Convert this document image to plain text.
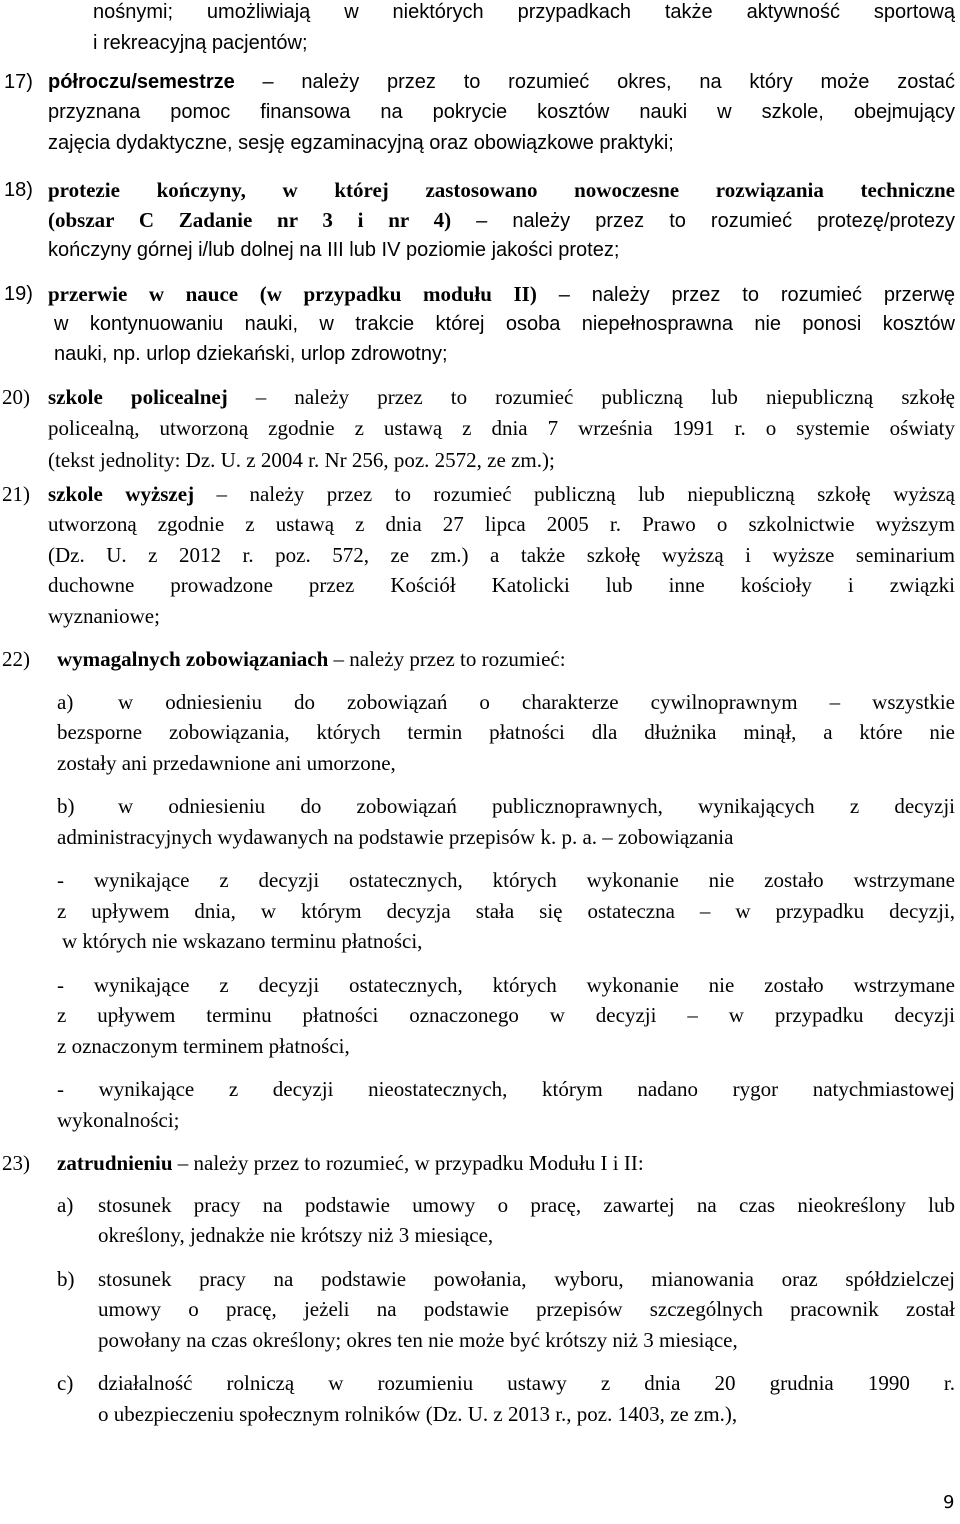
nośnymi; umożliwiają w niektórych przypadkach także aktywność sportową
i rekreacyjną pacjentów;
17) półroczu/semestrze – należy przez to rozumieć okres, na który może zostać
przyznana pomoc finansowa na pokrycie kosztów nauki w szkole, obejmujący
zajęcia dydaktyczne, sesję egzaminacyjną oraz obowiązkowe praktyki;
18) protezie kończyny, w której zastosowano nowoczesne rozwiązania techniczne
(obszar C Zadanie nr 3 i nr 4) – należy przez to rozumieć protezę/protezy
kończyny górnej i/lub dolnej na III lub IV poziomie jakości protez;
19) przerwie w nauce (w przypadku modułu II) – należy przez to rozumieć przerwę
w kontynuowaniu nauki, w trakcie której osoba niepełnosprawna nie ponosi kosztów
nauki, np. urlop dziekański, urlop zdrowotny;
20) szkole policealnej – należy przez to rozumieć publiczną lub niepubliczną szkołę
policealną, utworzoną zgodnie z ustawą z dnia 7 września 1991 r. o systemie oświaty
(tekst jednolity: Dz. U. z 2004 r. Nr 256, poz. 2572, ze zm.);
21) szkole wyższej – należy przez to rozumieć publiczną lub niepubliczną szkołę wyższą
utworzoną zgodnie z ustawą z dnia 27 lipca 2005 r. Prawo o szkolnictwie wyższym
(Dz. U. z 2012 r. poz. 572, ze zm.) a także szkołę wyższą i wyższe seminarium
duchowne prowadzone przez Kościół Katolicki lub inne kościoły i związki
wyznaniowe;
22) wymagalnych zobowiązaniach – należy przez to rozumieć:
a) w odniesieniu do zobowiązań o charakterze cywilnoprawnym – wszystkie
bezsporne zobowiązania, których termin płatności dla dłużnika minął, a które nie
zostały ani przedawnione ani umorzone,
b) w odniesieniu do zobowiązań publicznoprawnych, wynikających z decyzji
administracyjnych wydawanych na podstawie przepisów k. p. a. – zobowiązania
- wynikające z decyzji ostatecznych, których wykonanie nie zostało wstrzymane
z upływem dnia, w którym decyzja stała się ostateczna – w przypadku decyzji,
w których nie wskazano terminu płatności,
- wynikające z decyzji ostatecznych, których wykonanie nie zostało wstrzymane
z upływem terminu płatności oznaczonego w decyzji – w przypadku decyzji
z oznaczonym terminem płatności,
- wynikające z decyzji nieostatecznych, którym nadano rygor natychmiastowej
wykonalności;
23) zatrudnieniu – należy przez to rozumieć, w przypadku Modułu I i II:
a) stosunek pracy na podstawie umowy o pracę, zawartej na czas nieokreślony lub
określony, jednakże nie krótszy niż 3 miesiące,
b) stosunek pracy na podstawie powołania, wyboru, mianowania oraz spółdzielczej
umowy o pracę, jeżeli na podstawie przepisów szczególnych pracownik został
powołany na czas określony; okres ten nie może być krótszy niż 3 miesiące,
c) działalność rolniczą w rozumieniu ustawy z dnia 20 grudnia 1990 r.
o ubezpieczeniu społecznym rolników (Dz. U. z 2013 r., poz. 1403, ze zm.),
9
